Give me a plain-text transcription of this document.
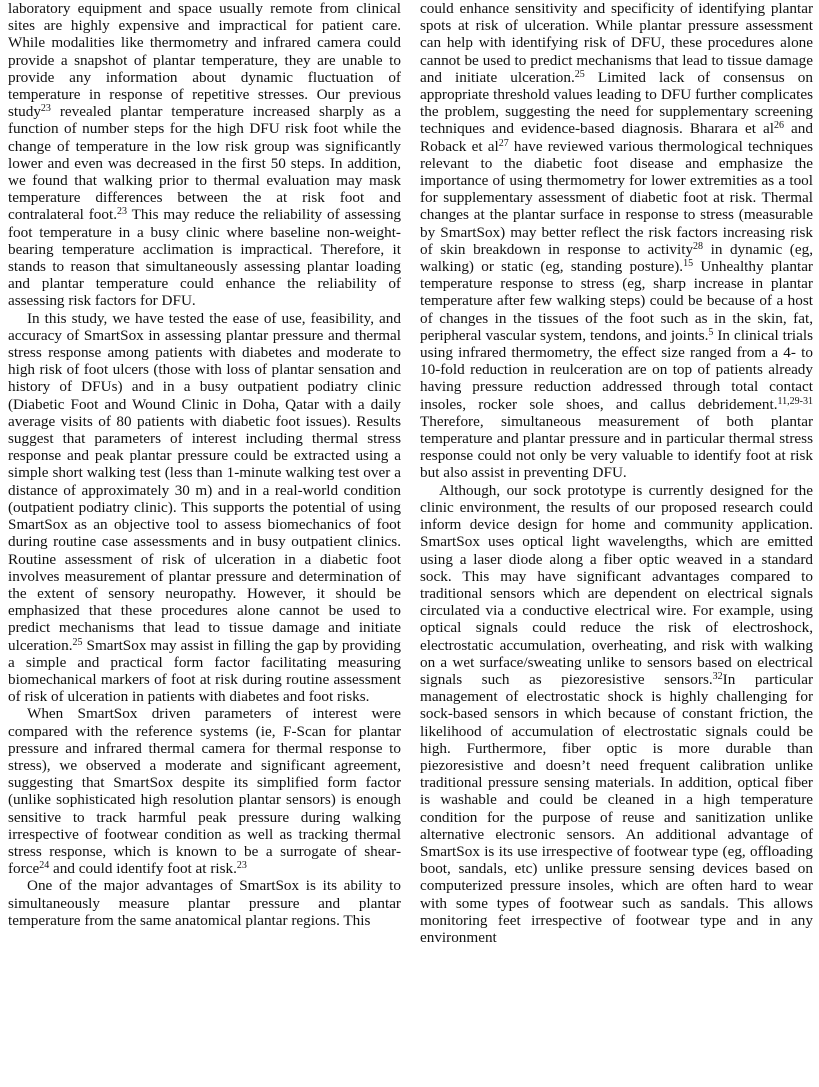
laboratory equipment and space usually remote from clinical sites are highly expensive and impractical for patient care. While modalities like thermometry and infrared camera could provide a snapshot of plantar temperature, they are unable to provide any information about dynamic fluctuation of temperature in response of repetitive stresses. Our previous study$^{23}$ revealed plantar temperature increased sharply as a function of number steps for the high DFU risk foot while the change of temperature in the low risk group was significantly lower and even was decreased in the first 50 steps. In addition, we found that walking prior to thermal evaluation may mask temperature differences between the at risk foot and contralateral foot.$^{23}$ This may reduce the reliability of assessing foot temperature in a busy clinic where baseline non-weight-bearing temperature acclimation is impractical. Therefore, it stands to reason that simultaneously assessing plantar loading and plantar temperature could enhance the reliability of assessing risk factors for DFU.

In this study, we have tested the ease of use, feasibility, and accuracy of SmartSox in assessing plantar pressure and thermal stress response among patients with diabetes and moderate to high risk of foot ulcers (those with loss of plantar sensation and history of DFUs) and in a busy outpatient podiatry clinic (Diabetic Foot and Wound Clinic in Doha, Qatar with a daily average visits of 80 patients with diabetic foot issues). Results suggest that parameters of interest including thermal stress response and peak plantar pressure could be extracted using a simple short walking test (less than 1-minute walking test over a distance of approximately 30 m) and in a real-world condition (outpatient podiatry clinic). This supports the potential of using SmartSox as an objective tool to assess biomechanics of foot during routine case assessments and in busy outpatient clinics. Routine assessment of risk of ulceration in a diabetic foot involves measurement of plantar pressure and determination of the extent of sensory neuropathy. However, it should be emphasized that these procedures alone cannot be used to predict mechanisms that lead to tissue damage and initiate ulceration.$^{25}$ SmartSox may assist in filling the gap by providing a simple and practical form factor facilitating measuring biomechanical markers of foot at risk during routine assessment of risk of ulceration in patients with diabetes and foot risks.

When SmartSox driven parameters of interest were compared with the reference systems (ie, F-Scan for plantar pressure and infrared thermal camera for thermal response to stress), we observed a moderate and significant agreement, suggesting that SmartSox despite its simplified form factor (unlike sophisticated high resolution plantar sensors) is enough sensitive to track harmful peak pressure during walking irrespective of footwear condition as well as tracking thermal stress response, which is known to be a surrogate of shear-force$^{24}$ and could identify foot at risk.$^{23}$

One of the major advantages of SmartSox is its ability to simultaneously measure plantar pressure and plantar temperature from the same anatomical plantar regions. This

could enhance sensitivity and specificity of identifying plantar spots at risk of ulceration. While plantar pressure assessment can help with identifying risk of DFU, these procedures alone cannot be used to predict mechanisms that lead to tissue damage and initiate ulceration.$^{25}$ Limited lack of consensus on appropriate threshold values leading to DFU further complicates the problem, suggesting the need for supplementary screening techniques and evidence-based diagnosis. Bharara et $al^{26}$ and Roback et $al^{27}$ have reviewed various thermological techniques relevant to the diabetic foot disease and emphasize the importance of using thermometry for lower extremities as a tool for supplementary assessment of diabetic foot at risk. Thermal changes at the plantar surface in response to stress (measurable by SmartSox) may better reflect the risk factors increasing risk of skin breakdown in response to activity$^{28}$ in dynamic (eg, walking) or static (eg, standing posture).$^{15}$ Unhealthy plantar temperature response to stress (eg, sharp increase in plantar temperature after few walking steps) could be because of a host of changes in the tissues of the foot such as in the skin, fat, peripheral vascular system, tendons, and joints.$^5$ In clinical trials using infrared thermometry, the effect size ranged from a 4- to 10-fold reduction in reulceration are on top of patients already having pressure reduction addressed through total contact insoles, rocker sole shoes, and callus debridement.$^{11,29-31}$ Therefore, simultaneous measurement of both plantar temperature and plantar pressure and in particular thermal stress response could not only be very valuable to identify foot at risk but also assist in preventing DFU.

Although, our sock prototype is currently designed for the clinic environment, the results of our proposed research could inform device design for home and community application. SmartSox uses optical light wavelengths, which are emitted using a laser diode along a fiber optic weaved in a standard sock. This may have significant advantages compared to traditional sensors which are dependent on electrical signals circulated via a conductive electrical wire. For example, using optical signals could reduce the risk of electroshock, electrostatic accumulation, overheating, and risk with walking on a wet surface/sweating unlike to sensors based on electrical signals such as piezoresistive sensors.$^{32}$In particular management of electrostatic shock is highly challenging for sock-based sensors in which because of constant friction, the likelihood of accumulation of electrostatic signals could be high. Furthermore, fiber optic is more durable than piezoresistive and doesn’t need frequent calibration unlike traditional pressure sensing materials. In addition, optical fiber is washable and could be cleaned in a high temperature condition for the purpose of reuse and sanitization unlike alternative electronic sensors. An additional advantage of SmartSox is its use irrespective of footwear type (eg, offloading boot, sandals, etc) unlike pressure sensing devices based on computerized pressure insoles, which are often hard to wear with some types of footwear such as sandals. This allows monitoring feet irrespective of footwear type and in any environment
